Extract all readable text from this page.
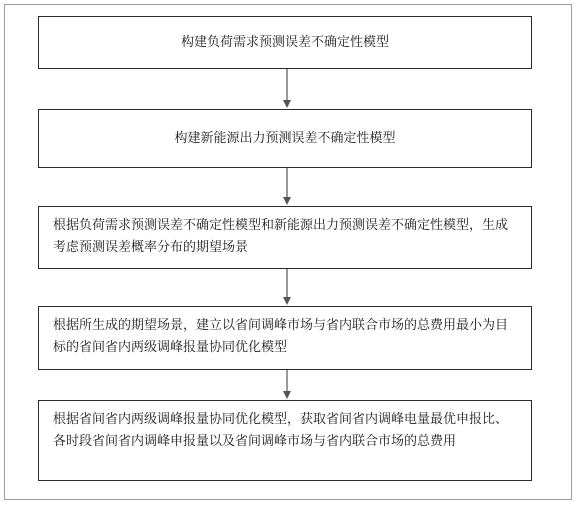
构建负荷需求预测误差不确定性模型
构建新能源出力预测误差不确定性模型
根据负荷需求预测误差不确定性模型和新能源出力预测误差不确定性模型，生成考虑预测误差概率分布的期望场景
根据所生成的期望场景，建立以省间调峰市场与省内联合市场的总费用最小为目标的省间省内两级调峰报量协同优化模型
根据省间省内两级调峰报量协同优化模型，获取省间省内调峰电量最优申报比、各时段省间省内调峰申报量以及省间调峰市场与省内联合市场的总费用
